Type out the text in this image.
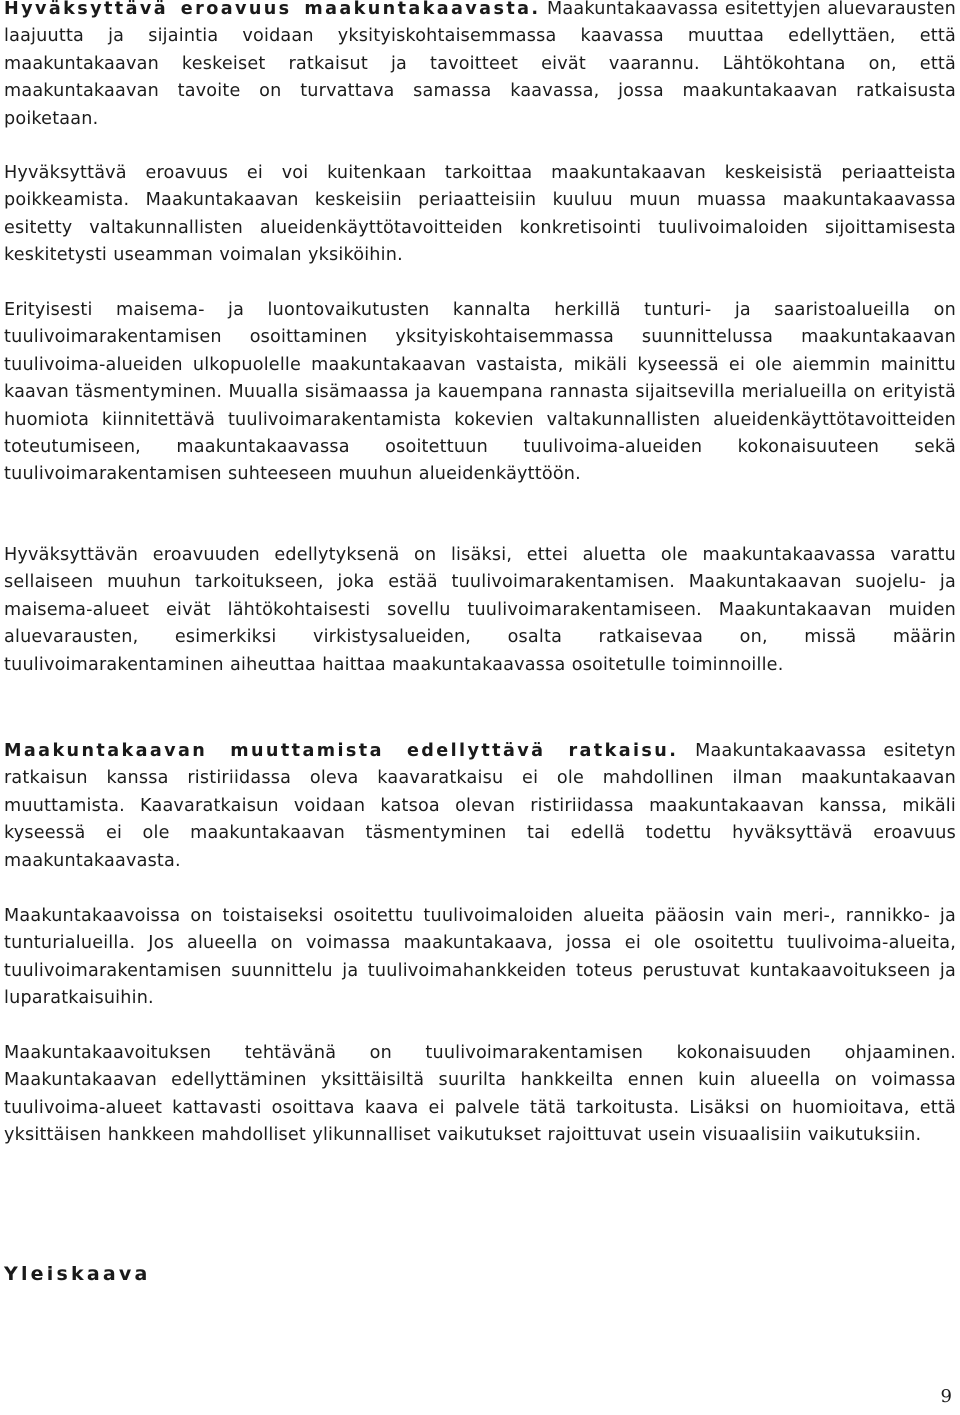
Hyväksyttävä eroavuus maakuntakaavasta. Maakuntakaavassa esitettyjen aluevarausten laajuutta ja sijaintia voidaan yksityiskohtaisemmassa kaavassa muuttaa edellyttäen, että maakuntakaavan keskeiset ratkaisut ja tavoitteet eivät vaarannu. Lähtökohtana on, että maakuntakaavan tavoite on turvattava samassa kaavassa, jossa maakuntakaavan ratkaisusta poiketaan.

Hyväksyttävä eroavuus ei voi kuitenkaan tarkoittaa maakuntakaavan keskeisistä periaatteista poikkeamista. Maakuntakaavan keskeisiin periaatteisiin kuuluu muun muassa maakuntakaavassa esitetty valtakunnallisten alueidenkäyttötavoitteiden konkretisointi tuulivoimaloiden sijoittamisesta keskitetysti useamman voimalan yksiköihin.

Erityisesti maisema- ja luontovaikutusten kannalta herkillä tunturi- ja saaristoalueilla on tuulivoimarakentamisen osoittaminen yksityiskohtaisemmassa suunnittelussa maakuntakaavan tuulivoima-alueiden ulkopuolelle maakuntakaavan vastaista, mikäli kyseessä ei ole aiemmin mainittu kaavan täsmentyminen. Muualla sisämaassa ja kauempana rannasta sijaitsevilla merialueilla on erityistä huomiota kiinnitettävä tuulivoimarakentamista kokevien valtakunnallisten alueidenkäyttötavoitteiden toteutumiseen, maakuntakaavassa osoitettuun tuulivoima-alueiden kokonaisuuteen sekä tuulivoimarakentamisen suhteeseen muuhun alueidenkäyttöön.

Hyväksyttävän eroavuuden edellytyksenä on lisäksi, ettei aluetta ole maakuntakaavassa varattu sellaiseen muuhun tarkoitukseen, joka estää tuulivoimarakentamisen. Maakuntakaavan suojelu- ja maisema-alueet eivät lähtökohtaisesti sovellu tuulivoimarakentamiseen. Maakuntakaavan muiden aluevarausten, esimerkiksi virkistysalueiden, osalta ratkaisevaa on, missä määrin tuulivoimarakentaminen aiheuttaa haittaa maakuntakaavassa osoitetulle toiminnoille.

Maakuntakaavan muuttamista edellyttävä ratkaisu. Maakuntakaavassa esitetyn ratkaisun kanssa ristiriidassa oleva kaavaratkaisu ei ole mahdollinen ilman maakuntakaavan muuttamista. Kaavaratkaisun voidaan katsoa olevan ristiriidassa maakuntakaavan kanssa, mikäli kyseessä ei ole maakuntakaavan täsmentyminen tai edellä todettu hyväksyttävä eroavuus maakuntakaavasta.

Maakuntakaavoissa on toistaiseksi osoitettu tuulivoimaloiden alueita pääosin vain meri-, rannikko- ja tunturialueilla. Jos alueella on voimassa maakuntakaava, jossa ei ole osoitettu tuulivoima-alueita, tuulivoimarakentamisen suunnittelu ja tuulivoimahankkeiden toteus perustuvat kuntakaavoitukseen ja luparatkaisuihin.

Maakuntakaavoituksen tehtävänä on tuulivoimarakentamisen kokonaisuuden ohjaaminen. Maakuntakaavan edellyttäminen yksittäisiltä suurilta hankkeilta ennen kuin alueella on voimassa tuulivoima-alueet kattavasti osoittava kaava ei palvele tätä tarkoitusta. Lisäksi on huomioitava, että yksittäisen hankkeen mahdolliset ylikunnalliset vaikutukset rajoittuvat usein visuaalisiin vaikutuksiin.

Yleiskaava
9
